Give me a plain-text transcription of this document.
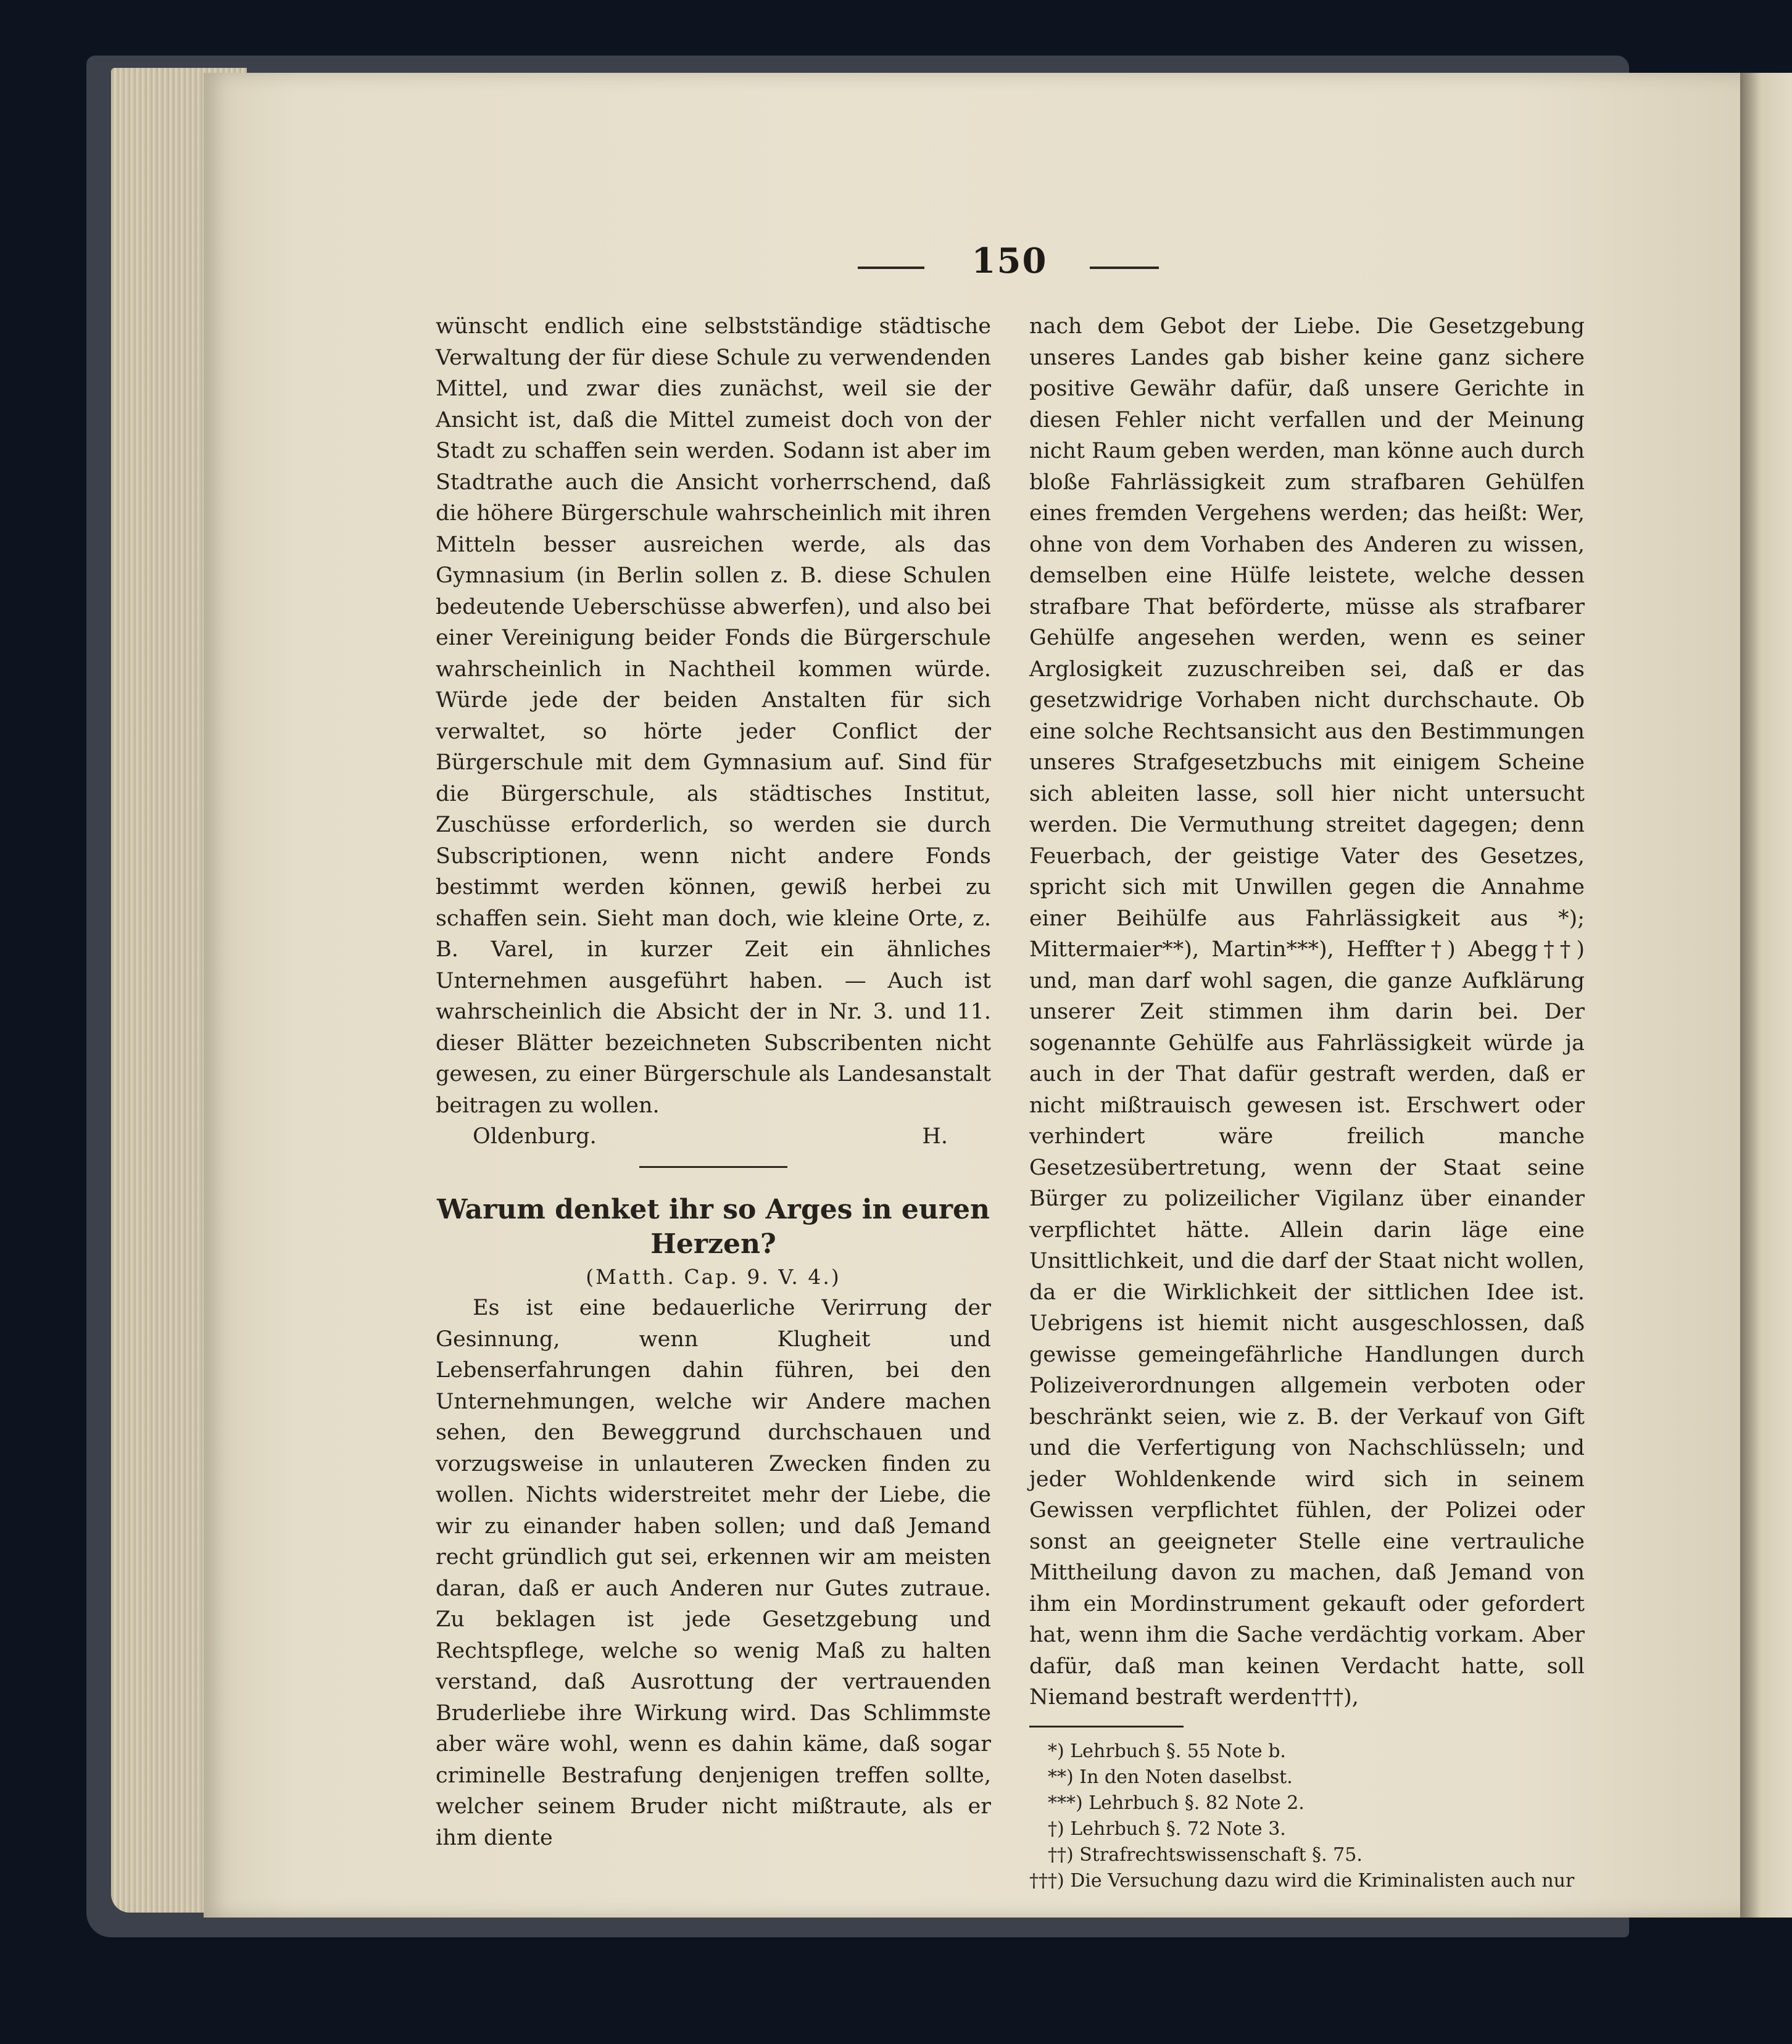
150

wünscht endlich eine selbstständige städtische Verwaltung der für diese Schule zu verwendenden Mittel, und zwar dies zunächst, weil sie der Ansicht ist, daß die Mittel zumeist doch von der Stadt zu schaffen sein werden. Sodann ist aber im Stadtrathe auch die Ansicht vorherrschend, daß die höhere Bürgerschule wahrscheinlich mit ihren Mitteln besser ausreichen werde, als das Gymnasium (in Berlin sollen z. B. diese Schulen bedeutende Ueberschüsse abwerfen), und also bei einer Vereinigung beider Fonds die Bürgerschule wahrscheinlich in Nachtheil kommen würde. Würde jede der beiden Anstalten für sich verwaltet, so hörte jeder Conflict der Bürgerschule mit dem Gymnasium auf. Sind für die Bürgerschule, als städtisches Institut, Zuschüsse erforderlich, so werden sie durch Subscriptionen, wenn nicht andere Fonds bestimmt werden können, gewiß herbei zu schaffen sein. Sieht man doch, wie kleine Orte, z. B. Varel, in kurzer Zeit ein ähnliches Unternehmen ausgeführt haben. — Auch ist wahrscheinlich die Absicht der in Nr. 3. und 11. dieser Blätter bezeichneten Subscribenten nicht gewesen, zu einer Bürgerschule als Landesanstalt beitragen zu wollen.

Oldenburg.	H.

Warum denket ihr so Arges in euren Herzen?

(Matth. Cap. 9. V. 4.)

Es ist eine bedauerliche Verirrung der Gesinnung, wenn Klugheit und Lebenserfahrungen dahin führen, bei den Unternehmungen, welche wir Andere machen sehen, den Beweggrund durchschauen und vorzugsweise in unlauteren Zwecken finden zu wollen. Nichts widerstreitet mehr der Liebe, die wir zu einander haben sollen; und daß Jemand recht gründlich gut sei, erkennen wir am meisten daran, daß er auch Anderen nur Gutes zutraue. Zu beklagen ist jede Gesetzgebung und Rechtspflege, welche so wenig Maß zu halten verstand, daß Ausrottung der vertrauenden Bruderliebe ihre Wirkung wird. Das Schlimmste aber wäre wohl, wenn es dahin käme, daß sogar criminelle Bestrafung denjenigen treffen sollte, welcher seinem Bruder nicht mißtraute, als er ihm diente

nach dem Gebot der Liebe. Die Gesetzgebung unseres Landes gab bisher keine ganz sichere positive Gewähr dafür, daß unsere Gerichte in diesen Fehler nicht verfallen und der Meinung nicht Raum geben werden, man könne auch durch bloße Fahrlässigkeit zum strafbaren Gehülfen eines fremden Vergehens werden; das heißt: Wer, ohne von dem Vorhaben des Anderen zu wissen, demselben eine Hülfe leistete, welche dessen strafbare That beförderte, müsse als strafbarer Gehülfe angesehen werden, wenn es seiner Arglosigkeit zuzuschreiben sei, daß er das gesetzwidrige Vorhaben nicht durchschaute. Ob eine solche Rechtsansicht aus den Bestimmungen unseres Strafgesetzbuchs mit einigem Scheine sich ableiten lasse, soll hier nicht untersucht werden. Die Vermuthung streitet dagegen; denn Feuerbach, der geistige Vater des Gesetzes, spricht sich mit Unwillen gegen die Annahme einer Beihülfe aus Fahrlässigkeit aus *); Mittermaier**), Martin***), Heffter†) Abegg††) und, man darf wohl sagen, die ganze Aufklärung unserer Zeit stimmen ihm darin bei. Der sogenannte Gehülfe aus Fahrlässigkeit würde ja auch in der That dafür gestraft werden, daß er nicht mißtrauisch gewesen ist. Erschwert oder verhindert wäre freilich manche Gesetzesübertretung, wenn der Staat seine Bürger zu polizeilicher Vigilanz über einander verpflichtet hätte. Allein darin läge eine Unsittlichkeit, und die darf der Staat nicht wollen, da er die Wirklichkeit der sittlichen Idee ist. Uebrigens ist hiemit nicht ausgeschlossen, daß gewisse gemeingefährliche Handlungen durch Polizeiverordnungen allgemein verboten oder beschränkt seien, wie z. B. der Verkauf von Gift und die Verfertigung von Nachschlüsseln; und jeder Wohldenkende wird sich in seinem Gewissen verpflichtet fühlen, der Polizei oder sonst an geeigneter Stelle eine vertrauliche Mittheilung davon zu machen, daß Jemand von ihm ein Mordinstrument gekauft oder gefordert hat, wenn ihm die Sache verdächtig vorkam. Aber dafür, daß man keinen Verdacht hatte, soll Niemand bestraft werden†††),

*) Lehrbuch §. 55 Note b.

**) In den Noten daselbst.

***) Lehrbuch §. 82 Note 2.

†) Lehrbuch §. 72 Note 3.

††) Strafrechtswissenschaft §. 75.

†††) Die Versuchung dazu wird die Kriminalisten auch nur
